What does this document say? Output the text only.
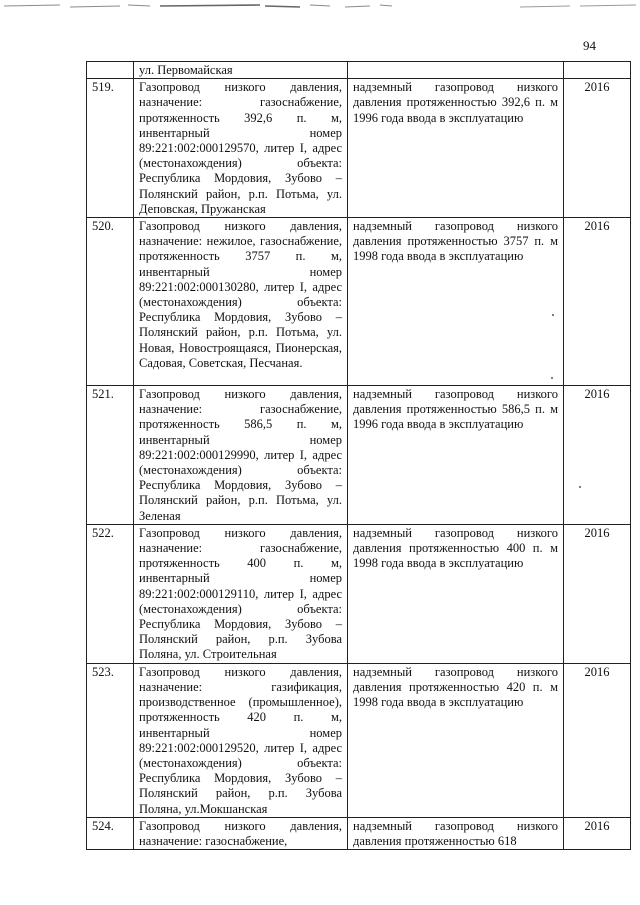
94
	ул. Первомайская		
519.	Газопровод низкого давления, назначение: газоснабжение, протяженность 392,6 п. м, инвентарный номер 89:221:002:000129570, литер I, адрес (местонахождения) объекта: Республика Мордовия, Зубово – Полянский район, р.п. Потьма, ул. Деповская, Пружанская	надземный газопровод низкого давления протяженностью 392,6 п. м 1996 года ввода в эксплуатацию	2016
520.	Газопровод низкого давления, назначение: нежилое, газоснабжение, протяженность 3757 п. м, инвентарный номер 89:221:002:000130280, литер I, адрес (местонахождения) объекта: Республика Мордовия, Зубово – Полянский район, р.п. Потьма, ул. Новая, Новостроящаяся, Пионерская, Садовая, Советская, Песчаная.	надземный газопровод низкого давления протяженностью 3757 п. м 1998 года ввода в эксплуатацию	2016
521.	Газопровод низкого давления, назначение: газоснабжение, протяженность 586,5 п. м, инвентарный номер 89:221:002:000129990, литер I, адрес (местонахождения) объекта: Республика Мордовия, Зубово – Полянский район, р.п. Потьма, ул. Зеленая	надземный газопровод низкого давления протяженностью 586,5 п. м 1996 года ввода в эксплуатацию	2016
522.	Газопровод низкого давления, назначение: газоснабжение, протяженность 400 п. м, инвентарный номер 89:221:002:000129110, литер I, адрес (местонахождения) объекта: Республика Мордовия, Зубово – Полянский район, р.п. Зубова Поляна, ул. Строительная	надземный газопровод низкого давления протяженностью 400 п. м 1998 года ввода в эксплуатацию	2016
523.	Газопровод низкого давления, назначение: газификация, производственное (промышленное), протяженность 420 п. м, инвентарный номер 89:221:002:000129520, литер I, адрес (местонахождения) объекта: Республика Мордовия, Зубово – Полянский район, р.п. Зубова Поляна, ул.Мокшанская	надземный газопровод низкого давления протяженностью 420 п. м 1998 года ввода в эксплуатацию	2016
524.	Газопровод низкого давления, назначение: газоснабжение,	надземный газопровод низкого давления протяженностью 618	2016
